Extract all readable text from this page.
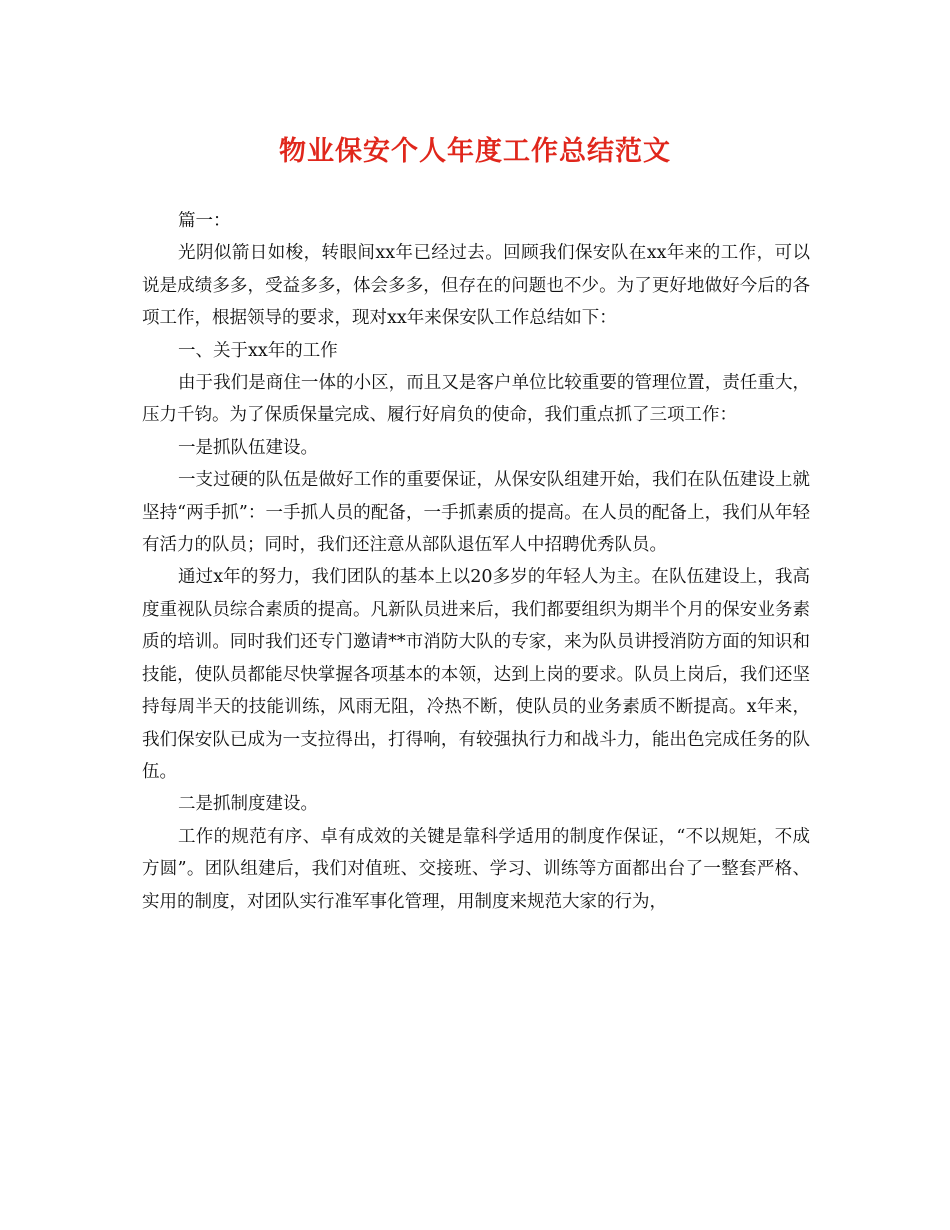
物业保安个人年度工作总结范文

篇一：

光阴似箭日如梭，转眼间xx年已经过去。回顾我们保安队在xx年来的工作，可以说是成绩多多，受益多多，体会多多，但存在的问题也不少。为了更好地做好今后的各项工作，根据领导的要求，现对xx年来保安队工作总结如下：

一、关于xx年的工作

由于我们是商住一体的小区，而且又是客户单位比较重要的管理位置，责任重大，压力千钧。为了保质保量完成、履行好肩负的使命，我们重点抓了三项工作：

一是抓队伍建设。

一支过硬的队伍是做好工作的重要保证，从保安队组建开始，我们在队伍建设上就坚持“两手抓”：一手抓人员的配备，一手抓素质的提高。在人员的配备上，我们从年轻有活力的队员；同时，我们还注意从部队退伍军人中招聘优秀队员。

通过x年的努力，我们团队的基本上以20多岁的年轻人为主。在队伍建设上，我高度重视队员综合素质的提高。凡新队员进来后，我们都要组织为期半个月的保安业务素质的培训。同时我们还专门邀请**市消防大队的专家，来为队员讲授消防方面的知识和技能，使队员都能尽快掌握各项基本的本领，达到上岗的要求。队员上岗后，我们还坚持每周半天的技能训练，风雨无阻，冷热不断，使队员的业务素质不断提高。x年来，我们保安队已成为一支拉得出，打得响，有较强执行力和战斗力，能出色完成任务的队伍。

二是抓制度建设。

工作的规范有序、卓有成效的关键是靠科学适用的制度作保证，“不以规矩，不成方圆”。团队组建后，我们对值班、交接班、学习、训练等方面都出台了一整套严格、实用的制度，对团队实行准军事化管理，用制度来规范大家的行为，
